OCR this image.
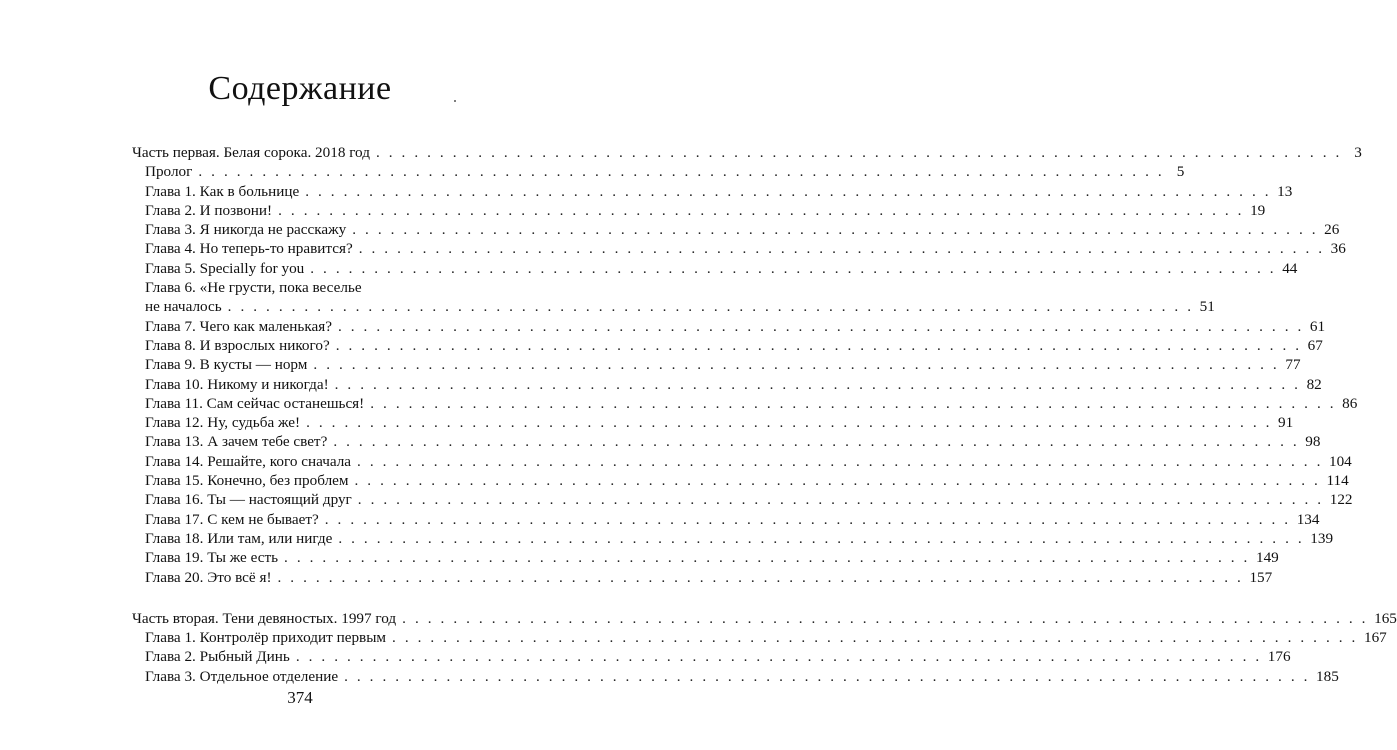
Содержание
Часть первая. Белая сорока. 2018 год . . . . . . . . . . . . . . . . . . . . . . . . . . . . . . . . . . . . . . . . . . . . . . . . . . . . . . . . . . . . . . . . . . . . . . . . . . . . 3
Пролог . . . . . . . . . . . . . . . . . . . . . . . . . . . . . . . . . . . . . . . . . . . . . . . . . . . . . . . . . . . . . . . . . . . . . . . . . . . . 5
Глава 1. Как в больнице . . . . . . . . . . . . . . . . . . . . . . . . . . . . . . . . . . . . . . . . . . . . . . . . . . . . . . . . . . . . . . . . . . . . . . . . . . . . 13
Глава 2. И позвони! . . . . . . . . . . . . . . . . . . . . . . . . . . . . . . . . . . . . . . . . . . . . . . . . . . . . . . . . . . . . . . . . . . . . . . . . . . . . 19
Глава 3. Я никогда не расскажу . . . . . . . . . . . . . . . . . . . . . . . . . . . . . . . . . . . . . . . . . . . . . . . . . . . . . . . . . . . . . . . . . . . . . . . . . . . . 26
Глава 4. Но теперь-то нравится? . . . . . . . . . . . . . . . . . . . . . . . . . . . . . . . . . . . . . . . . . . . . . . . . . . . . . . . . . . . . . . . . . . . . . . . . . . . . 36
Глава 5. Specially for you . . . . . . . . . . . . . . . . . . . . . . . . . . . . . . . . . . . . . . . . . . . . . . . . . . . . . . . . . . . . . . . . . . . . . . . . . . . . 44
Глава 6. «Не грусти, пока веселье
не началось . . . . . . . . . . . . . . . . . . . . . . . . . . . . . . . . . . . . . . . . . . . . . . . . . . . . . . . . . . . . . . . . . . . . . . . . . . . . 51
Глава 7. Чего как маленькая? . . . . . . . . . . . . . . . . . . . . . . . . . . . . . . . . . . . . . . . . . . . . . . . . . . . . . . . . . . . . . . . . . . . . . . . . . . . . 61
Глава 8. И взрослых никого? . . . . . . . . . . . . . . . . . . . . . . . . . . . . . . . . . . . . . . . . . . . . . . . . . . . . . . . . . . . . . . . . . . . . . . . . . . . . 67
Глава 9. В кусты — норм . . . . . . . . . . . . . . . . . . . . . . . . . . . . . . . . . . . . . . . . . . . . . . . . . . . . . . . . . . . . . . . . . . . . . . . . . . . . 77
Глава 10. Никому и никогда! . . . . . . . . . . . . . . . . . . . . . . . . . . . . . . . . . . . . . . . . . . . . . . . . . . . . . . . . . . . . . . . . . . . . . . . . . . . . 82
Глава 11. Сам сейчас останешься! . . . . . . . . . . . . . . . . . . . . . . . . . . . . . . . . . . . . . . . . . . . . . . . . . . . . . . . . . . . . . . . . . . . . . . . . . . . . 86
Глава 12. Ну, судьба же! . . . . . . . . . . . . . . . . . . . . . . . . . . . . . . . . . . . . . . . . . . . . . . . . . . . . . . . . . . . . . . . . . . . . . . . . . . . . 91
Глава 13. А зачем тебе свет? . . . . . . . . . . . . . . . . . . . . . . . . . . . . . . . . . . . . . . . . . . . . . . . . . . . . . . . . . . . . . . . . . . . . . . . . . . . . 98
Глава 14. Решайте, кого сначала . . . . . . . . . . . . . . . . . . . . . . . . . . . . . . . . . . . . . . . . . . . . . . . . . . . . . . . . . . . . . . . . . . . . . . . . . . . . 104
Глава 15. Конечно, без проблем . . . . . . . . . . . . . . . . . . . . . . . . . . . . . . . . . . . . . . . . . . . . . . . . . . . . . . . . . . . . . . . . . . . . . . . . . . . . 114
Глава 16. Ты — настоящий друг . . . . . . . . . . . . . . . . . . . . . . . . . . . . . . . . . . . . . . . . . . . . . . . . . . . . . . . . . . . . . . . . . . . . . . . . . . . . 122
Глава 17. С кем не бывает? . . . . . . . . . . . . . . . . . . . . . . . . . . . . . . . . . . . . . . . . . . . . . . . . . . . . . . . . . . . . . . . . . . . . . . . . . . . . 134
Глава 18. Или там, или нигде . . . . . . . . . . . . . . . . . . . . . . . . . . . . . . . . . . . . . . . . . . . . . . . . . . . . . . . . . . . . . . . . . . . . . . . . . . . . 139
Глава 19. Ты же есть . . . . . . . . . . . . . . . . . . . . . . . . . . . . . . . . . . . . . . . . . . . . . . . . . . . . . . . . . . . . . . . . . . . . . . . . . . . . 149
Глава 20. Это всё я! . . . . . . . . . . . . . . . . . . . . . . . . . . . . . . . . . . . . . . . . . . . . . . . . . . . . . . . . . . . . . . . . . . . . . . . . . . . . 157
Часть вторая. Тени девяностых. 1997 год . . . . . . . . . . . . . . . . . . . . . . . . . . . . . . . . . . . . . . . . . . . . . . . . . . . . . . . . . . . . . . . . . . . . . . . . . . . . 165
Глава 1. Контролёр приходит первым . . . . . . . . . . . . . . . . . . . . . . . . . . . . . . . . . . . . . . . . . . . . . . . . . . . . . . . . . . . . . . . . . . . . . . . . . . . . 167
Глава 2. Рыбный Динь . . . . . . . . . . . . . . . . . . . . . . . . . . . . . . . . . . . . . . . . . . . . . . . . . . . . . . . . . . . . . . . . . . . . . . . . . . . . 176
Глава 3. Отдельное отделение . . . . . . . . . . . . . . . . . . . . . . . . . . . . . . . . . . . . . . . . . . . . . . . . . . . . . . . . . . . . . . . . . . . . . . . . . . . . 185
374
